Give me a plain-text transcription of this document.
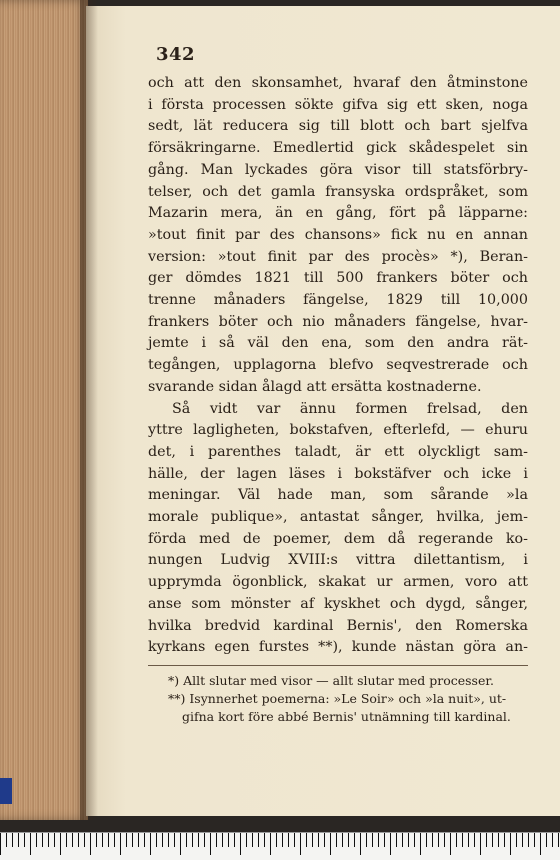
342
och att den skonsamhet, hvaraf den åtminstone
i första processen sökte gifva sig ett sken, noga
sedt, lät reducera sig till blott och bart sjelfva
försäkringarne. Emedlertid gick skådespelet sin
gång. Man lyckades göra visor till statsförbry-
telser, och det gamla fransyska ordspråket, som
Mazarin mera, än en gång, fört på läpparne:
»tout finit par des chansons» fick nu en annan
version: »tout finit par des procès» *), Beran-
ger dömdes 1821 till 500 frankers böter och
trenne månaders fängelse, 1829 till 10,000
frankers böter och nio månaders fängelse, hvar-
jemte i så väl den ena, som den andra rät-
tegången, upplagorna blefvo seqvestrerade och
svarande sidan ålagd att ersätta kostnaderne.
Så vidt var ännu formen frelsad, den
yttre lagligheten, bokstafven, efterlefd, — ehuru
det, i parenthes taladt, är ett olyckligt sam-
hälle, der lagen läses i bokstäfver och icke i
meningar. Väl hade man, som sårande »la
morale publique», antastat sånger, hvilka, jem-
förda med de poemer, dem då regerande ko-
nungen Ludvig XVIII:s vittra dilettantism, i
upprymda ögonblick, skakat ur armen, voro att
anse som mönster af kyskhet och dygd, sånger,
hvilka bredvid kardinal Bernis', den Romerska
kyrkans egen furstes **), kunde nästan göra an-
*) Allt slutar med visor — allt slutar med processer.
**) Isynnerhet poemerna: »Le Soir» och »la nuit», ut-
gifna kort före abbé Bernis' utnämning till kardinal.
